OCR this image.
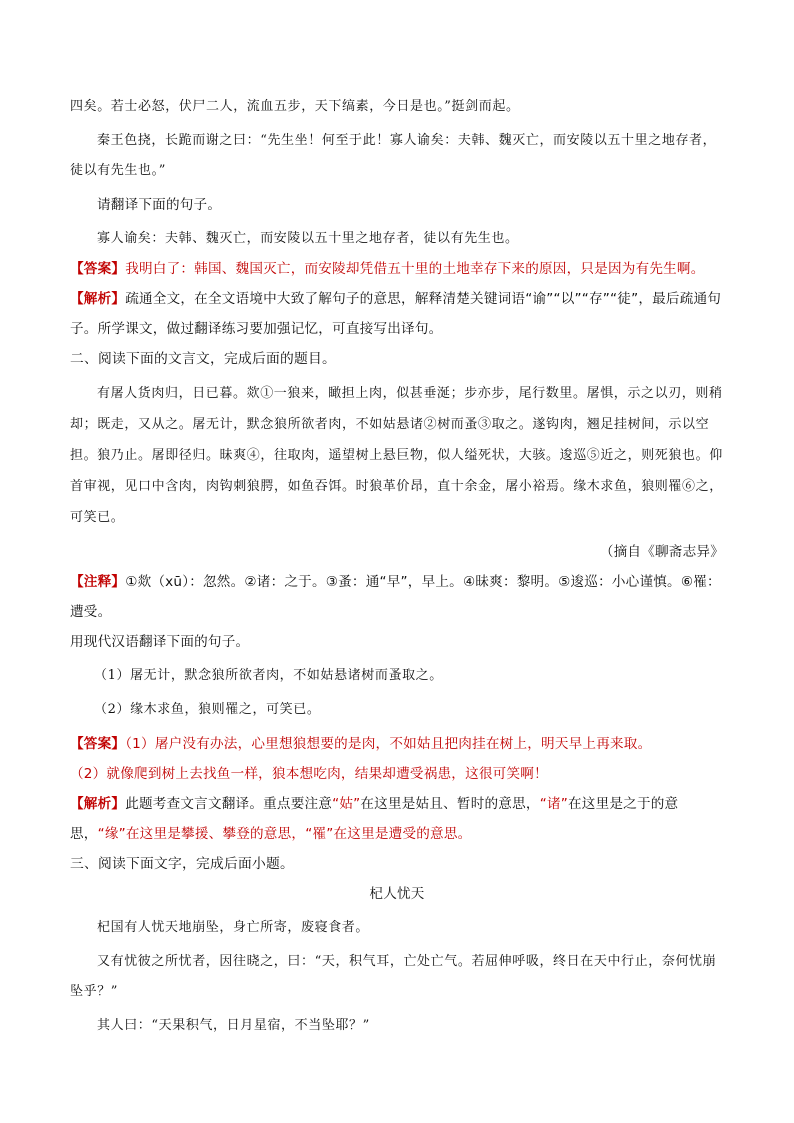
四矣。若士必怒，伏尸二人，流血五步，天下缟素，今日是也。”挺剑而起。

秦王色挠，长跪而谢之曰：“先生坐！何至于此！寡人谕矣：夫韩、魏灭亡，而安陵以五十里之地存者，徒以有先生也。”

请翻译下面的句子。

寡人谕矣：夫韩、魏灭亡，而安陵以五十里之地存者，徒以有先生也。

【答案】我明白了：韩国、魏国灭亡，而安陵却凭借五十里的土地幸存下来的原因，只是因为有先生啊。

【解析】疏通全文，在全文语境中大致了解句子的意思，解释清楚关键词语“谕”“以”“存”“徒”，最后疏通句子。所学课文，做过翻译练习要加强记忆，可直接写出译句。

二、阅读下面的文言文，完成后面的题目。

有屠人货肉归，日已暮。欻①一狼来，瞰担上肉，似甚垂涎；步亦步，尾行数里。屠惧，示之以刃，则稍却；既走，又从之。屠无计，默念狼所欲者肉，不如姑悬诸②树而蚤③取之。遂钩肉，翘足挂树间，示以空担。狼乃止。屠即径归。昧爽④，往取肉，遥望树上悬巨物，似人缢死状，大骇。逡巡⑤近之，则死狼也。仰首审视，见口中含肉，肉钩刺狼腭，如鱼吞饵。时狼革价昂，直十余金，屠小裕焉。缘木求鱼，狼则罹⑥之，可笑已。

（摘自《聊斋志异》

【注释】①欻（xū）：忽然。②诸：之于。③蚤：通“早”，早上。④昧爽：黎明。⑤逡巡：小心谨慎。⑥罹：遭受。

用现代汉语翻译下面的句子。

（1）屠无计，默念狼所欲者肉，不如姑悬诸树而蚤取之。

（2）缘木求鱼，狼则罹之，可笑已。

【答案】（1）屠户没有办法，心里想狼想要的是肉，不如姑且把肉挂在树上，明天早上再来取。

（2）就像爬到树上去找鱼一样，狼本想吃肉，结果却遭受祸患，这很可笑啊！

【解析】此题考查文言文翻译。重点要注意“姑”在这里是姑且、暂时的意思，“诸”在这里是之于的意思，“缘”在这里是攀援、攀登的意思，“罹”在这里是遭受的意思。

三、阅读下面文字，完成后面小题。

杞人忧天

杞国有人忧天地崩坠，身亡所寄，废寝食者。

又有忧彼之所忧者，因往晓之，曰：“天，积气耳，亡处亡气。若屈伸呼吸，终日在天中行止，奈何忧崩坠乎？”

其人曰：“天果积气，日月星宿，不当坠耶？”
